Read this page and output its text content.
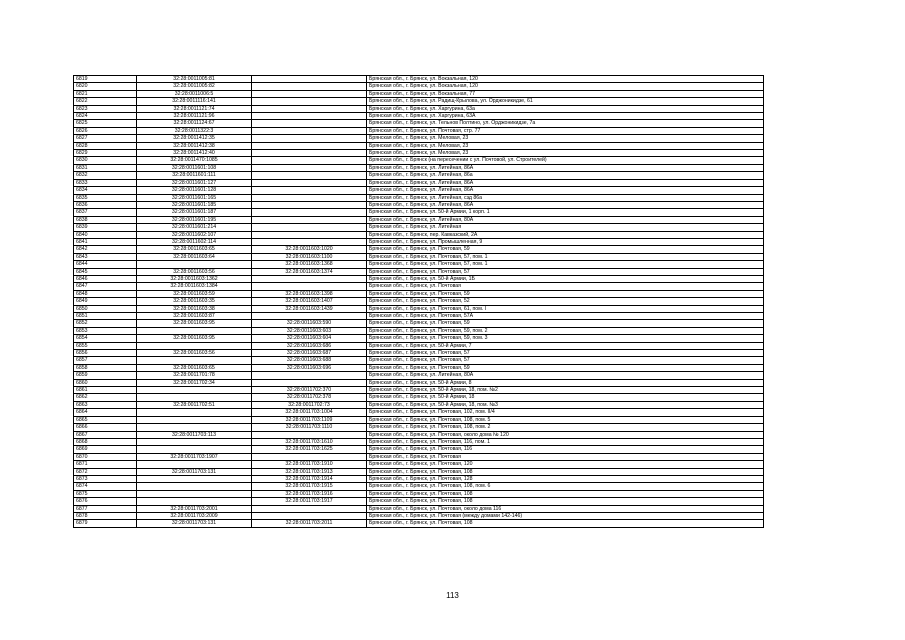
6819	32:28:0011005:81		Брянская обл., г. Брянск, ул. Вокзальная, 120
6820	32:28:0011005:82		Брянская обл., г. Брянск, ул. Вокзальная, 120
6821	32:28:0011006:5		Брянская обл., г. Брянск, ул. Вокзальная, 77
6822	32:28:0011116:141		Брянская обл., г. Брянск, ул. Радищ-Крылова, ул. Орджоникидзе, 61
6823	32:28:0011121:74		Брянская обл., г. Брянск, ул. Харгурина, 63а
6824	32:28:0011121:96		Брянская обл., г. Брянск, ул. Харгурина, 63А
6825	32:28:0011124:67		Брянская обл., г. Брянск, ул. Тельнов Полтино, ул. Орджоникидзе, 7а
6826	32:28:0011322:3		Брянская обл., г. Брянск, ул. Почтовая, стр. 77
6827	32:28:0011412:35		Брянская обл., г. Брянск, ул. Меловая, 23
6828	32:28:0011412:38		Брянская обл., г. Брянск, ул. Меловая, 23
6829	32:28:0011412:40		Брянская обл., г. Брянск, ул. Меловая, 23
6830	32:28:0011470:1085		Брянская обл., г. Брянск (на пересечении с ул. Почтовой, ул. Строителей)
6831	32:28:0011601:108		Брянская обл., г. Брянск, ул. Литейная, 86А
6832	32:28:0011601:111		Брянская обл., г. Брянск, ул. Литейная, 86а
6833	32:28:0011601:127		Брянская обл., г. Брянск, ул. Литейная, 86А
6834	32:28:0011601:128		Брянская обл., г. Брянск, ул. Литейная, 86А
6835	32:28:0011601:165		Брянская обл., г. Брянск, ул. Литейная, сзд 86а
6836	32:28:0011601:185		Брянская обл., г. Брянск, ул. Литейная, 86А
6837	32:28:0011601:187		Брянская обл., г. Брянск, ул. 50-й Армии, 1 корп. 1
6838	32:28:0011601:195		Брянская обл., г. Брянск, ул. Литейная, 80А
6839	32:28:0011601:214		Брянская обл., г. Брянск, ул. Литейная
6840	32:28:0011602:107		Брянская обл., г. Брянск, пер. Кавказский, 2А
6841	32:28:0011602:114		Брянская обл., г. Брянск, ул. Промышленная, 9
6842	32:28:0011603:65	32:28:0011603:1020	Брянская обл., г. Брянск, ул. Почтовая, 59
6843	32:28:0011603:64	32:28:0011603:1100	Брянская обл., г. Брянск, ул. Почтовая, 57, пом. 1
6844		32:28:0011603:1368	Брянская обл., г. Брянск, ул. Почтовая, 57, пом. 1
6845	32:28:0011603:56	32:28:0011603:1374	Брянская обл., г. Брянск, ул. Почтовая, 57
6846	32:28:0011603:1362		Брянская обл., г. Брянск, ул. 50-й Армии, 1Б
6847	32:28:0011603:1384		Брянская обл., г. Брянск, ул. Почтовая
6848	32:28:0011603:59	32:28:0011603:1398	Брянская обл., г. Брянск, ул. Почтовая, 59
6849	32:28:0011603:35	32:28:0011603:1407	Брянская обл., г. Брянск, ул. Почтовая, 52
6850	32:28:0011603:38	32:28:0011603:1439	Брянская обл., г. Брянск, ул. Почтовая, 61, пом. I
6851	32:28:0011603:87		Брянская обл., г. Брянск, ул. Почтовая, 57А
6852	32:28:0011603:95	32:28:0011603:590	Брянская обл., г. Брянск, ул. Почтовая, 59
6853		32:28:0011603:603	Брянская обл., г. Брянск, ул. Почтовая, 59, пом. 2
6854	32:28:0011603:95	32:28:0011603:604	Брянская обл., г. Брянск, ул. Почтовая, 59, пом. 3
6855		32:28:0011603:686	Брянская обл., г. Брянск, ул. 50-й Армии, 7
6856	32:28:0011603:56	32:28:0011603:687	Брянская обл., г. Брянск, ул. Почтовая, 57
6857		32:28:0011603:688	Брянская обл., г. Брянск, ул. Почтовая, 57
6858	32:28:0011603:65	32:28:0011603:696	Брянская обл., г. Брянск, ул. Почтовая, 59
6859	32:28:0011701:78		Брянская обл., г. Брянск, ул. Литейная, 80А
6860	32:28:0011702:34		Брянская обл., г. Брянск, ул. 50-й Армии, 8
6861		32:28:0011702:370	Брянская обл., г. Брянск, ул. 50-й Армии, 18, пом. №2
6862		32:28:0011702:378	Брянская обл., г. Брянск, ул. 50-й Армии, 18
6863	32:28:0011702:51	32:28:0011702:73	Брянская обл., г. Брянск, ул. 50-й Армии, 18, пом. №3
6864		32:28:0011703:1004	Брянская обл., г. Брянск, ул. Почтовая, 102, пом. II/4
6865		32:28:0011703:1109	Брянская обл., г. Брянск, ул. Почтовая, 108, пом. 5
6866		32:28:0011703:1110	Брянская обл., г. Брянск, ул. Почтовая, 108, пом. 2
6867	32:28:0011703:113		Брянская обл., г. Брянск, ул. Почтовая, около дома № 120
6868		32:28:0011703:1610	Брянская обл., г. Брянск, ул. Почтовая, 116, пом. 1
6869		32:28:0011703:1625	Брянская обл., г. Брянск, ул. Почтовая, 116
6870	32:28:0011703:1907		Брянская обл., г. Брянск, ул. Почтовая
6871		32:28:0011703:1910	Брянская обл., г. Брянск, ул. Почтовая, 120
6872	32:28:0011703:131	32:28:0011703:1913	Брянская обл., г. Брянск, ул. Почтовая, 108
6873		32:28:0011703:1914	Брянская обл., г. Брянск, ул. Почтовая, 128
6874		32:28:0011703:1915	Брянская обл., г. Брянск, ул. Почтовая, 108, пом. 6
6875		32:28:0011703:1916	Брянская обл., г. Брянск, ул. Почтовая, 108
6876		32:28:0011703:1917	Брянская обл., г. Брянск, ул. Почтовая, 108
6877	32:28:0011703:2001		Брянская обл., г. Брянск, ул. Почтовая, около дома 116
6878	32:28:0011703:2009		Брянская обл., г. Брянск, ул. Почтовая (между домами 142-146)
6879	32:28:0011703:131	32:28:0011703:2011	Брянская обл., г. Брянск, ул. Почтовая, 108
113
